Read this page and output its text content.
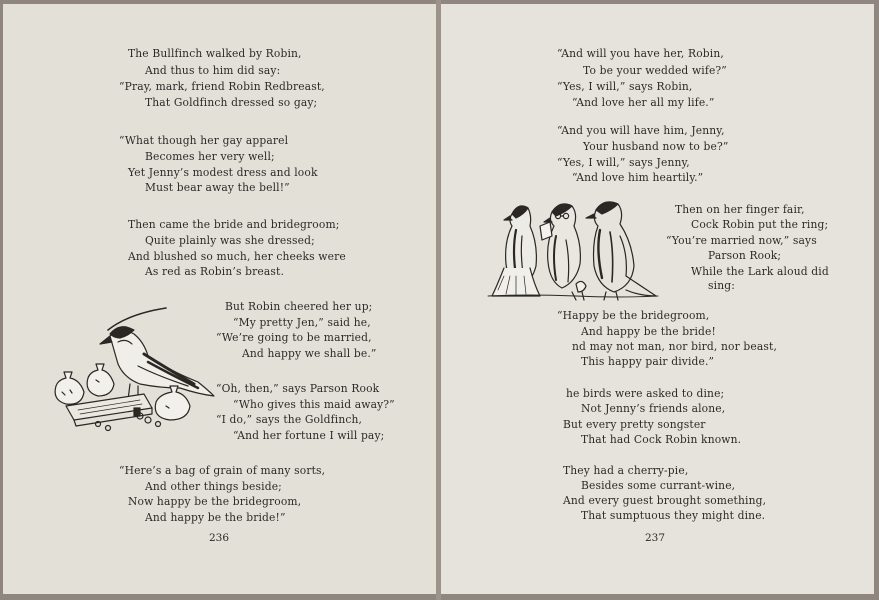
The Bullfinch walked by Robin,
And thus to him did say:
“Pray, mark, friend Robin Redbreast,
That Goldfinch dressed so gay;
“What though her gay apparel
Becomes her very well;
Yet Jenny’s modest dress and look
Must bear away the bell!”
Then came the bride and bridegroom;
Quite plainly was she dressed;
And blushed so much, her cheeks were
As red as Robin’s breast.
But Robin cheered her up;
“My pretty Jen,” said he,
“We’re going to be married,
And happy we shall be.”
“Oh, then,” says Parson Rook
“Who gives this maid away?”
“I do,” says the Goldfinch,
“And her fortune I will pay;
“Here’s a bag of grain of many sorts,
And other things beside;
Now happy be the bridegroom,
And happy be the bride!”
236
“And will you have her, Robin,
To be your wedded wife?”
“Yes, I will,” says Robin,
“And love her all my life.”
“And you will have him, Jenny,
Your husband now to be?”
“Yes, I will,” says Jenny,
“And love him heartily.”
Then on her finger fair,
Cock Robin put the ring;
“You’re married now,” says
Parson Rook;
While the Lark aloud did
sing:
“Happy be the bridegroom,
And happy be the bride!
nd may not man, nor bird, nor beast,
This happy pair divide.”
he birds were asked to dine;
Not Jenny’s friends alone,
But every pretty songster
That had Cock Robin known.
They had a cherry-pie,
Besides some currant-wine,
And every guest brought something,
That sumptuous they might dine.
237
